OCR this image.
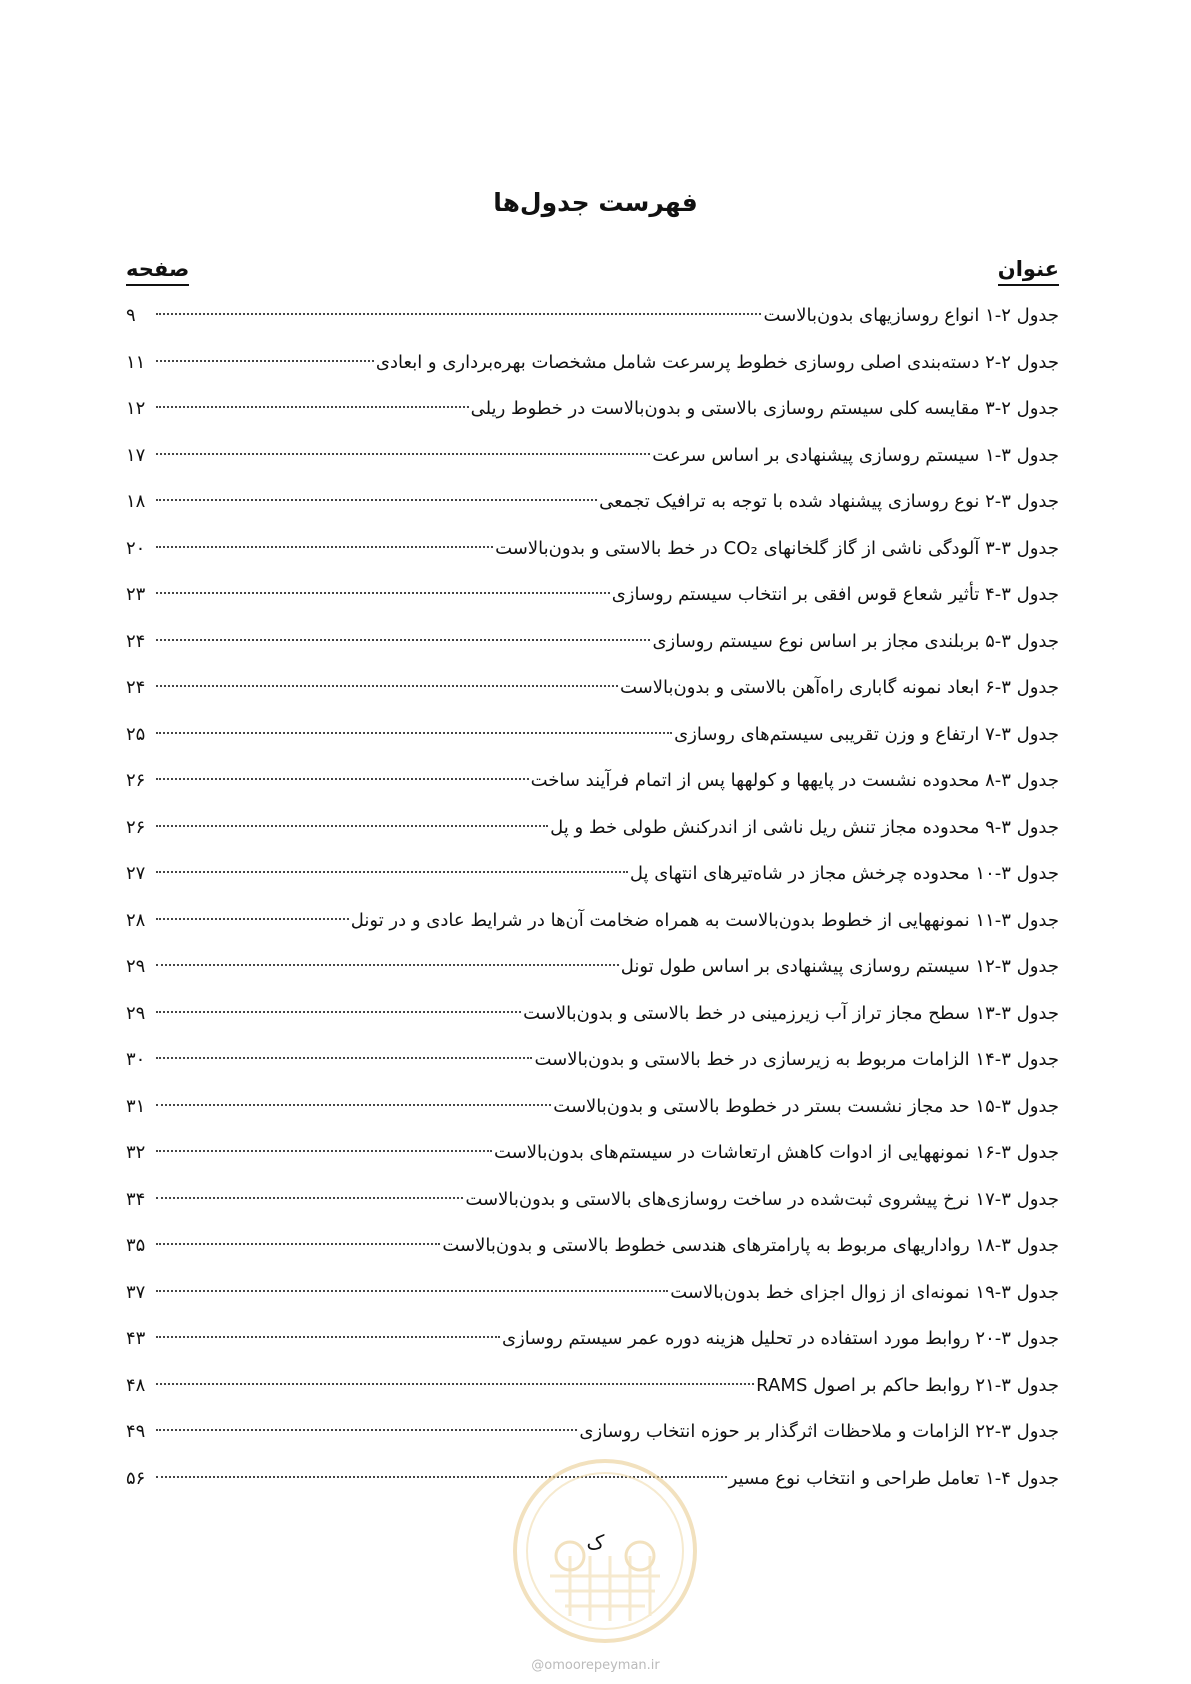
فهرست جدول‌ها
عنوان
صفحه
جدول ۲-۱ انواع روسازیهای بدون‌بالاست
۹
جدول ۲-۲ دسته‌بندی اصلی روسازی خطوط پرسرعت شامل مشخصات بهره‌برداری و ابعادی
۱۱
جدول ۲-۳ مقایسه کلی سیستم روسازی بالاستی و بدون‌بالاست در خطوط ریلی
۱۲
جدول ۳-۱ سیستم روسازی پیشنهادی بر اساس سرعت
۱۷
جدول ۳-۲ نوع روسازی پیشنهاد شده با توجه به ترافیک تجمعی
۱۸
جدول ۳-۳ آلودگی ناشی از گاز گلخانهای CO₂ در خط بالاستی و بدون‌بالاست
۲۰
جدول ۳-۴ تأثیر شعاع قوس افقی بر انتخاب سیستم روسازی
۲۳
جدول ۳-۵ بربلندی مجاز بر اساس نوع سیستم روسازی
۲۴
جدول ۳-۶ ابعاد نمونه گاباری راه‌آهن بالاستی و بدون‌بالاست
۲۴
جدول ۳-۷ ارتفاع و وزن تقریبی سیستم‌های روسازی
۲۵
جدول ۳-۸ محدوده نشست در پایهها و کولهها پس از اتمام فرآیند ساخت
۲۶
جدول ۳-۹ محدوده مجاز تنش ریل ناشی از اندرکنش طولی خط و پل
۲۶
جدول ۳-۱۰ محدوده چرخش مجاز در شاه‌تیرهای انتهای پل
۲۷
جدول ۳-۱۱ نمونههایی از خطوط بدون‌بالاست به همراه ضخامت آن‌ها در شرایط عادی و در تونل
۲۸
جدول ۳-۱۲ سیستم روسازی پیشنهادی بر اساس طول تونل
۲۹
جدول ۳-۱۳ سطح مجاز تراز آب زیرزمینی در خط بالاستی و بدون‌بالاست
۲۹
جدول ۳-۱۴ الزامات مربوط به زیرسازی در خط بالاستی و بدون‌بالاست
۳۰
جدول ۳-۱۵ حد مجاز نشست بستر در خطوط بالاستی و بدون‌بالاست
۳۱
جدول ۳-۱۶ نمونههایی از ادوات کاهش ارتعاشات در سیستم‌های بدون‌بالاست
۳۲
جدول ۳-۱۷ نرخ پیشروی ثبت‌شده در ساخت روسازی‌های بالاستی و بدون‌بالاست
۳۴
جدول ۳-۱۸ رواداریهای مربوط به پارامترهای هندسی خطوط بالاستی و بدون‌بالاست
۳۵
جدول ۳-۱۹ نمونه‌ای از زوال اجزای خط بدون‌بالاست
۳۷
جدول ۳-۲۰ روابط مورد استفاده در تحلیل هزینه دوره عمر سیستم روسازی
۴۳
جدول ۳-۲۱ روابط حاکم بر اصول RAMS
۴۸
جدول ۳-۲۲ الزامات و ملاحظات اثرگذار بر حوزه انتخاب روسازی
۴۹
جدول ۴-۱ تعامل طراحی و انتخاب نوع مسیر
۵۶
ک
@omoorepeyman.ir
